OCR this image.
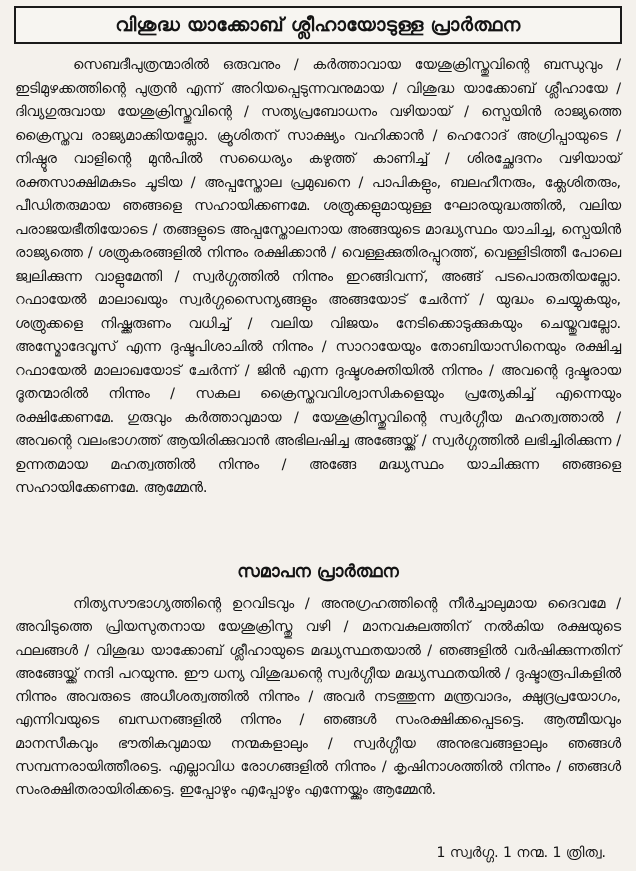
വിശുദ്ധ യാക്കോബ് ശ്ലീഹായോടുള്ള പ്രാർത്ഥന

സെബദീപുത്രന്മാരിൽ ഒരുവനും / കർത്താവായ യേശുക്രിസ്തുവിന്റെ ബന്ധുവും / ഇടിമുഴക്കത്തിന്റെ പുത്രൻ എന്ന് അറിയപ്പെടുന്നവനുമായ / വിശുദ്ധ യാക്കോബ് ശ്ലീഹായേ / ദിവ്യഗുരുവായ യേശുക്രിസ്തുവിന്റെ / സത്യപ്രബോധനം വഴിയായ് / സ്പെയിൻ രാജ്യത്തെ ക്രൈസ്തവ രാജ്യമാക്കിയല്ലോ. ക്രൂശിതന് സാക്ഷ്യം വഹിക്കാൻ / ഹെറോദ് അഗ്രിപ്പായുടെ / നിഷ്ഠൂര വാളിന്റെ മുൻപിൽ സധൈര്യം കഴുത്ത് കാണിച്ച് / ശിരച്ഛേദനം വഴിയായ് രക്തസാക്ഷിമകുടം ചൂടിയ / അപ്പസ്തോല പ്രമുഖനെ / പാപികളും, ബലഹീനരും, ക്ലേശിതരും, പീഡിതരുമായ ഞങ്ങളെ സഹായിക്കണമേ. ശത്രുക്കളുമായുള്ള ഘോരയുദ്ധത്തിൽ, വലിയ പരാജയഭീതിയോടെ / തങ്ങളുടെ അപ്പസ്തോലനായ അങ്ങയുടെ മാദ്ധ്യസ്ഥം യാചിച്ച, സ്പെയിൻ രാജ്യത്തെ / ശത്രുകരങ്ങളിൽ നിന്നും രക്ഷിക്കാൻ / വെള്ളക്കുതിരപ്പുറത്ത്, വെള്ളിടിത്തീ പോലെ ജ്വലിക്കുന്ന വാളുമേന്തി / സ്വർഗ്ഗത്തിൽ നിന്നും ഇറങ്ങിവന്ന്, അങ്ങ് പടപൊരുതിയല്ലോ. റഫായേൽ മാലാഖയും സ്വർഗ്ഗസൈന്യങ്ങളും അങ്ങയോട് ചേർന്ന് / യുദ്ധം ചെയ്യുകയും, ശത്രുക്കളെ നിഷ്ക്കരുണം വധിച്ച് / വലിയ വിജയം നേടിക്കൊടുക്കുകയും ചെയ്തുവല്ലോ. അസ്മോദേവൂസ് എന്ന ദുഷ്ടപിശാചിൽ നിന്നും / സാറായേയും തോബിയാസിനെയും രക്ഷിച്ച റഫായേൽ മാലാഖയോട് ചേർന്ന് / ജിൻ എന്ന ദുഷ്ടശക്തിയിൽ നിന്നും / അവന്റെ ദുഷ്ടരായ ദൂതന്മാരിൽ നിന്നും / സകല ക്രൈസ്തവവിശ്വാസികളെയും പ്രത്യേകിച്ച് എന്നെയും രക്ഷിക്കേണമേ. ഗുരുവും കർത്താവുമായ / യേശുക്രിസ്തുവിന്റെ സ്വർഗ്ഗീയ മഹത്വത്താൽ / അവന്റെ വലംഭാഗത്ത് ആയിരിക്കുവാൻ അഭിലഷിച്ച അങ്ങേയ്ക്ക് / സ്വർഗ്ഗത്തിൽ ലഭിച്ചിരിക്കുന്ന / ഉന്നതമായ മഹത്വത്തിൽ നിന്നും / അങ്ങേ മദ്ധ്യസ്ഥം യാചിക്കുന്ന ഞങ്ങളെ സഹായിക്കേണമേ. ആമ്മേൻ.

സമാപന പ്രാർത്ഥന

നിത്യസൗഭാഗ്യത്തിന്റെ ഉറവിടവും / അനുഗ്രഹത്തിന്റെ നീർച്ചാലുമായ ദൈവമേ / അവിടുത്തെ പ്രിയസുതനായ യേശുക്രിസ്തു വഴി / മാനവകുലത്തിന് നൽകിയ രക്ഷയുടെ ഫലങ്ങൾ / വിശുദ്ധ യാക്കോബ് ശ്ലീഹായുടെ മദ്ധ്യസ്ഥതയാൽ / ഞങ്ങളിൽ വർഷിക്കുന്നതിന് അങ്ങേയ്ക്ക് നന്ദി പറയുന്നു. ഈ ധന്യ വിശുദ്ധന്റെ സ്വർഗ്ഗീയ മദ്ധ്യസ്ഥതയിൽ / ദുഷ്ടാരൂപികളിൽ നിന്നും അവരുടെ അധീശത്വത്തിൽ നിന്നും / അവർ നടത്തുന്ന മന്ത്രവാദം, ക്ഷുദ്രപ്രയോഗം, എന്നിവയുടെ ബന്ധനങ്ങളിൽ നിന്നും / ഞങ്ങൾ സംരക്ഷിക്കപ്പെടട്ടെ. ആത്മീയവും മാനസീകവും ഭൗതികവുമായ നന്മകളാലും / സ്വർഗ്ഗീയ അനുഭവങ്ങളാലും ഞങ്ങൾ സമ്പന്നരായിത്തീരട്ടെ. എല്ലാവിധ രോഗങ്ങളിൽ നിന്നും / കൃഷിനാശത്തിൽ നിന്നും / ഞങ്ങൾ സംരക്ഷിതരായിരിക്കട്ടെ. ഇപ്പോഴും എപ്പോഴും എന്നേയ്ക്കും ആമ്മേൻ.

1 സ്വർഗ്ഗ. 1 നന്മ. 1 ത്രിത്വ.
